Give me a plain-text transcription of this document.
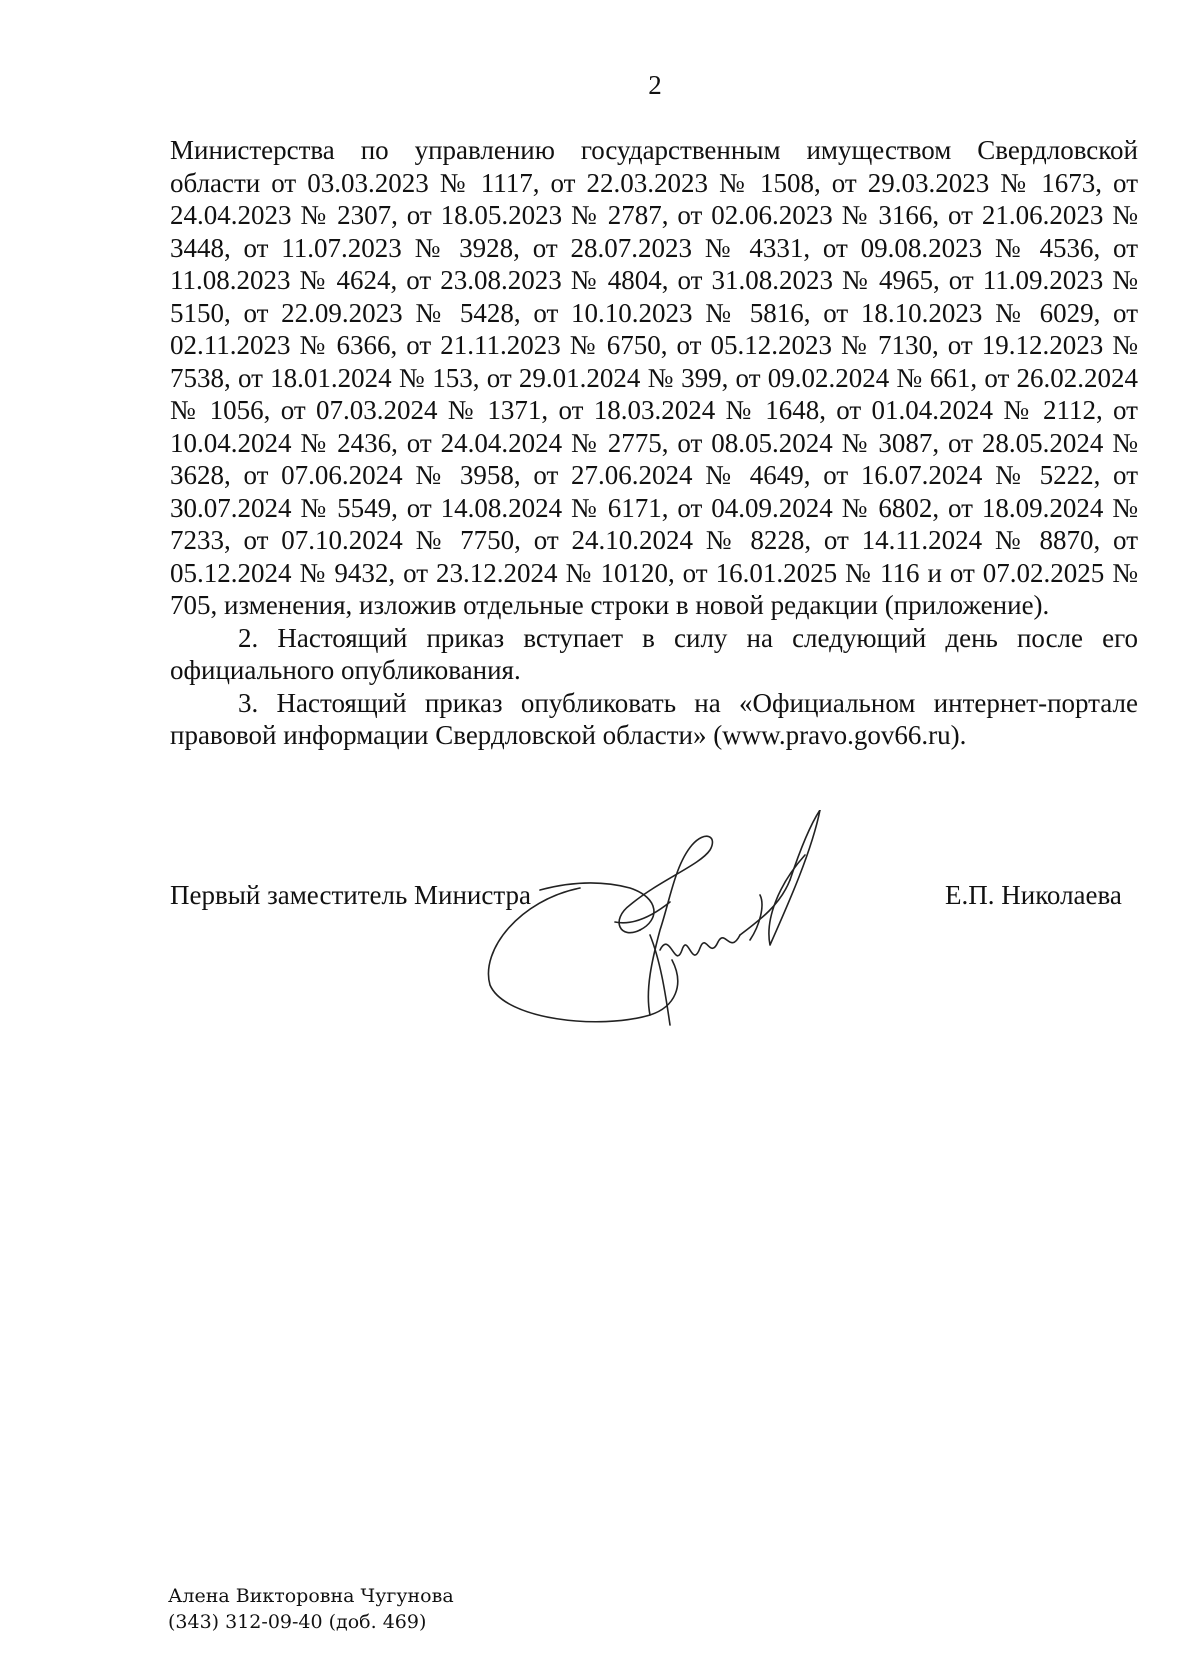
2

Министерства по управлению государственным имуществом Свердловской области от 03.03.2023 № 1117, от 22.03.2023 № 1508, от 29.03.2023 № 1673, от 24.04.2023 № 2307, от 18.05.2023 № 2787, от 02.06.2023 № 3166, от 21.06.2023 № 3448, от 11.07.2023 № 3928, от 28.07.2023 № 4331, от 09.08.2023 № 4536, от 11.08.2023 № 4624, от 23.08.2023 № 4804, от 31.08.2023 № 4965, от 11.09.2023 № 5150, от 22.09.2023 № 5428, от 10.10.2023 № 5816, от 18.10.2023 № 6029, от 02.11.2023 № 6366, от 21.11.2023 № 6750, от 05.12.2023 № 7130, от 19.12.2023 № 7538, от 18.01.2024 № 153, от 29.01.2024 № 399, от 09.02.2024 № 661, от 26.02.2024 № 1056, от 07.03.2024 № 1371, от 18.03.2024 № 1648, от 01.04.2024 № 2112, от 10.04.2024 № 2436, от 24.04.2024 № 2775, от 08.05.2024 № 3087, от 28.05.2024 № 3628, от 07.06.2024 № 3958, от 27.06.2024 № 4649, от 16.07.2024 № 5222, от 30.07.2024 № 5549, от 14.08.2024 № 6171, от 04.09.2024 № 6802, от 18.09.2024 № 7233, от 07.10.2024 № 7750, от 24.10.2024 № 8228, от 14.11.2024 № 8870, от 05.12.2024 № 9432, от 23.12.2024 № 10120, от 16.01.2025 № 116 и от 07.02.2025 № 705, изменения, изложив отдельные строки в новой редакции (приложение).

2. Настоящий приказ вступает в силу на следующий день после его официального опубликования.

3. Настоящий приказ опубликовать на «Официальном интернет-портале правовой информации Свердловской области» (www.pravo.gov66.ru).

Первый заместитель Министра	Е.П. Николаева
Алена Викторовна Чугунова
(343) 312-09-40 (доб. 469)
